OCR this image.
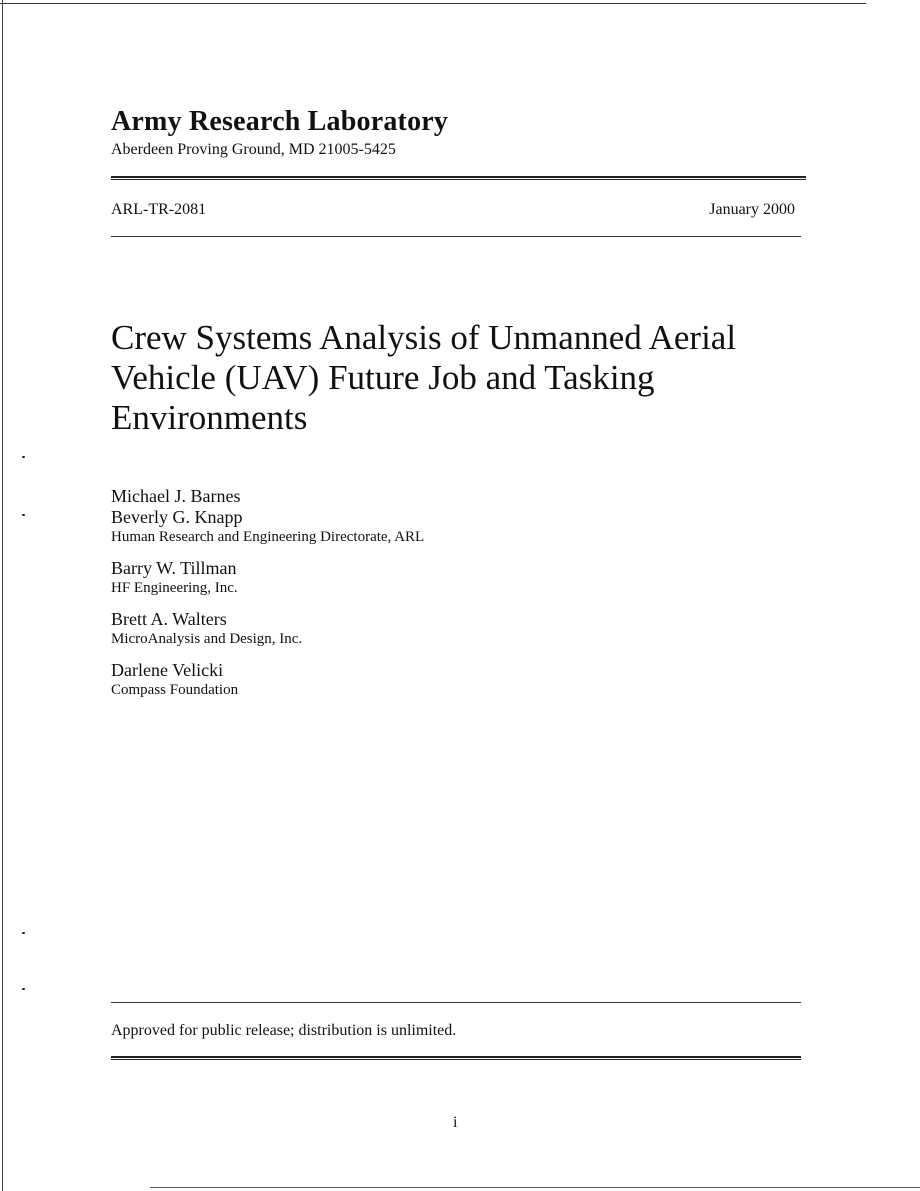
Army Research Laboratory
Aberdeen Proving Ground, MD 21005-5425
ARL-TR-2081	January 2000
Crew Systems Analysis of Unmanned Aerial
Vehicle (UAV) Future Job and Tasking
Environments
Michael J. Barnes
Beverly G. Knapp
Human Research and Engineering Directorate, ARL
Barry W. Tillman
HF Engineering, Inc.
Brett A. Walters
MicroAnalysis and Design, Inc.
Darlene Velicki
Compass Foundation
Approved for public release; distribution is unlimited.
i
